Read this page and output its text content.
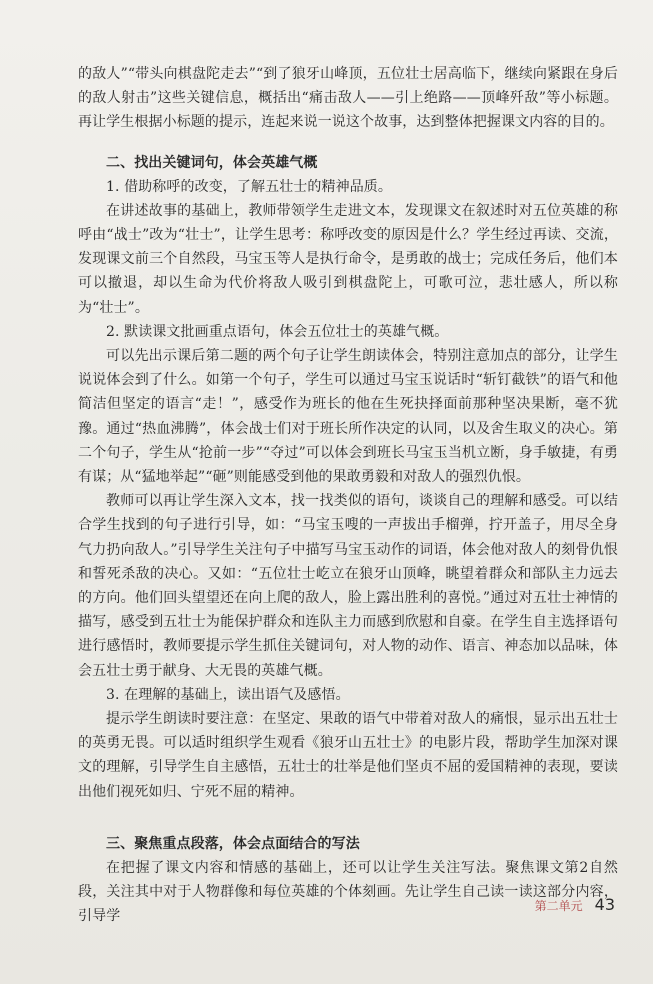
的敌人”“带头向棋盘陀走去”“到了狼牙山峰顶，五位壮士居高临下，继续向紧跟在身后的敌人射击”这些关键信息，概括出“痛击敌人——引上绝路——顶峰歼敌”等小标题。再让学生根据小标题的提示，连起来说一说这个故事，达到整体把握课文内容的目的。

二、找出关键词句，体会英雄气概

1. 借助称呼的改变，了解五壮士的精神品质。

在讲述故事的基础上，教师带领学生走进文本，发现课文在叙述时对五位英雄的称呼由“战士”改为“壮士”，让学生思考：称呼改变的原因是什么？学生经过再读、交流，发现课文前三个自然段，马宝玉等人是执行命令，是勇敢的战士；完成任务后，他们本可以撤退，却以生命为代价将敌人吸引到棋盘陀上，可歌可泣，悲壮感人，所以称为“壮士”。

2. 默读课文批画重点语句，体会五位壮士的英雄气概。

可以先出示课后第二题的两个句子让学生朗读体会，特别注意加点的部分，让学生说说体会到了什么。如第一个句子，学生可以通过马宝玉说话时“斩钉截铁”的语气和他简洁但坚定的语言“走！”，感受作为班长的他在生死抉择面前那种坚决果断，毫不犹豫。通过“热血沸腾”，体会战士们对于班长所作决定的认同，以及舍生取义的决心。第二个句子，学生从“抢前一步”“夺过”可以体会到班长马宝玉当机立断，身手敏捷，有勇有谋；从“猛地举起”“砸”则能感受到他的果敢勇毅和对敌人的强烈仇恨。

教师可以再让学生深入文本，找一找类似的语句，谈谈自己的理解和感受。可以结合学生找到的句子进行引导，如：“马宝玉嗖的一声拔出手榴弹，拧开盖子，用尽全身气力扔向敌人。”引导学生关注句子中描写马宝玉动作的词语，体会他对敌人的刻骨仇恨和誓死杀敌的决心。又如：“五位壮士屹立在狼牙山顶峰，眺望着群众和部队主力远去的方向。他们回头望望还在向上爬的敌人，脸上露出胜利的喜悦。”通过对五壮士神情的描写，感受到五壮士为能保护群众和连队主力而感到欣慰和自豪。在学生自主选择语句进行感悟时，教师要提示学生抓住关键词句，对人物的动作、语言、神态加以品味，体会五壮士勇于献身、大无畏的英雄气概。

3. 在理解的基础上，读出语气及感悟。

提示学生朗读时要注意：在坚定、果敢的语气中带着对敌人的痛恨，显示出五壮士的英勇无畏。可以适时组织学生观看《狼牙山五壮士》的电影片段，帮助学生加深对课文的理解，引导学生自主感悟，五壮士的壮举是他们坚贞不屈的爱国精神的表现，要读出他们视死如归、宁死不屈的精神。

三、聚焦重点段落，体会点面结合的写法

在把握了课文内容和情感的基础上，还可以让学生关注写法。聚焦课文第2自然段，关注其中对于人物群像和每位英雄的个体刻画。先让学生自己读一读这部分内容，引导学

第二单元 43
